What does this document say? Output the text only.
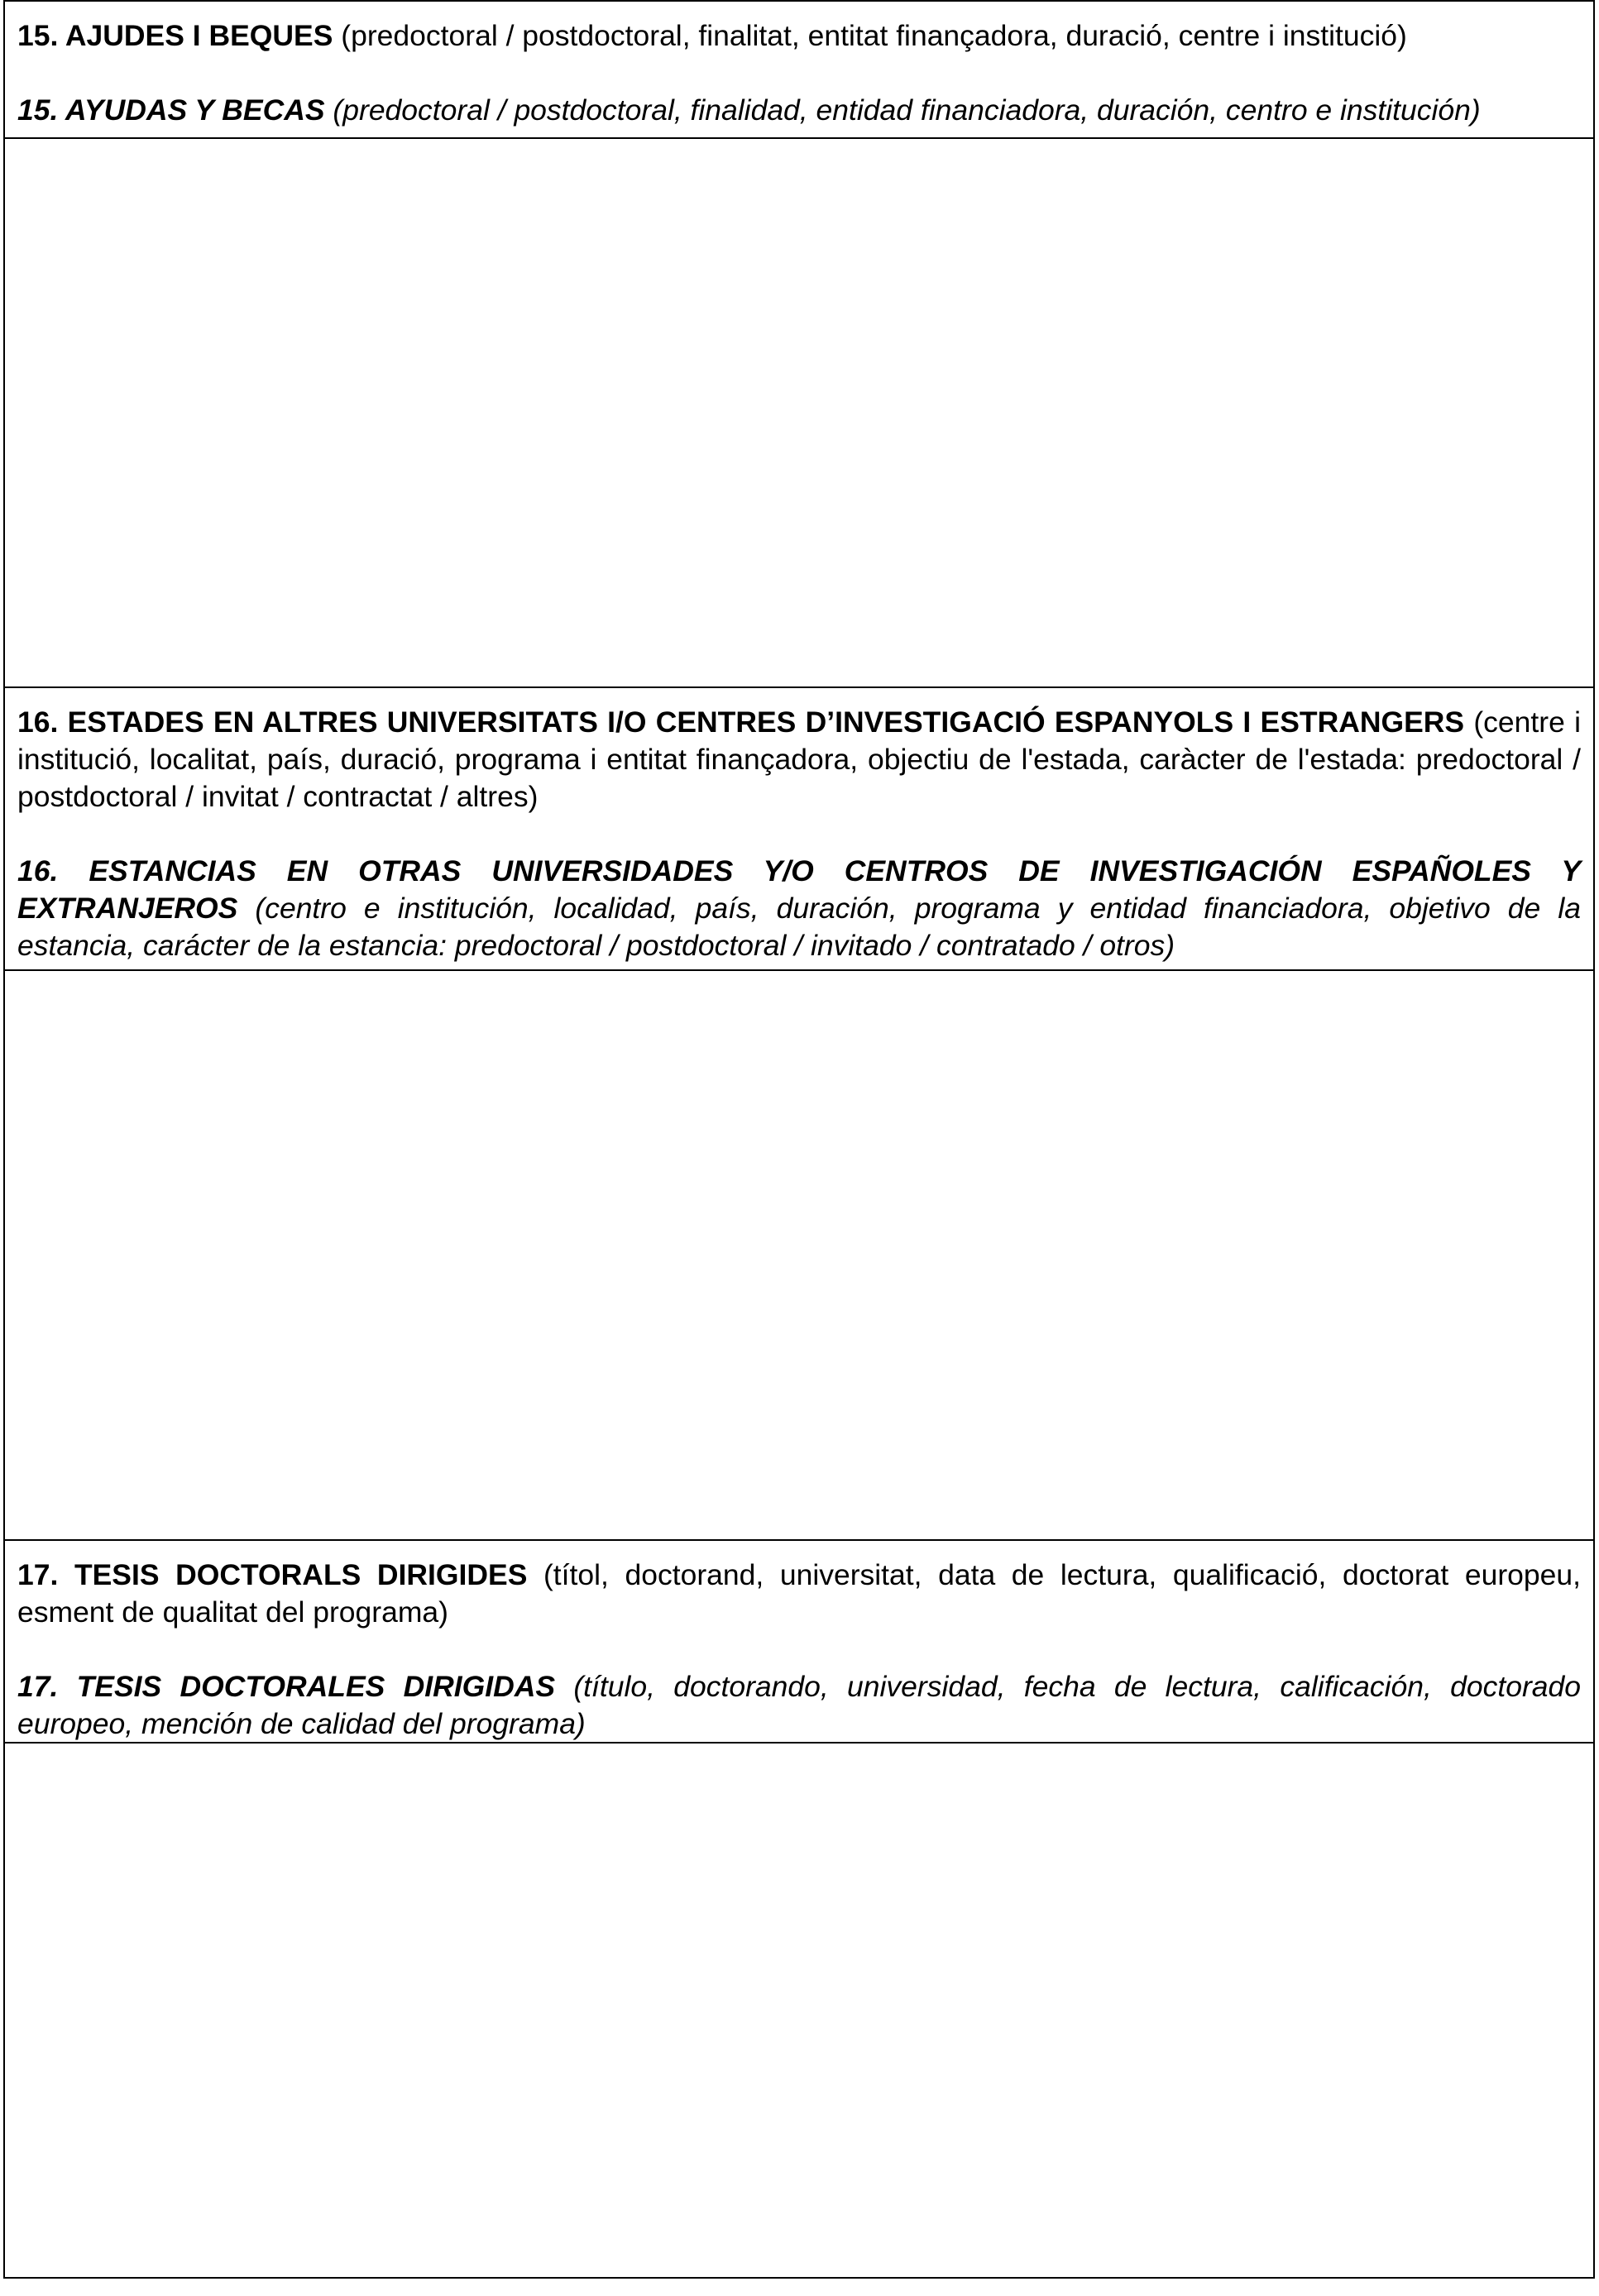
15. AJUDES I BEQUES (predoctoral / postdoctoral, finalitat, entitat finançadora, duració, centre i institució)

15. AYUDAS Y BECAS (predoctoral / postdoctoral, finalidad, entidad financiadora, duración, centro e institución)

16. ESTADES EN ALTRES UNIVERSITATS I/O CENTRES D’INVESTIGACIÓ ESPANYOLS I ESTRANGERS (centre i institució, localitat, país, duració, programa i entitat finançadora, objectiu de l'estada, caràcter de l'estada: predoctoral / postdoctoral / invitat / contractat / altres)

16. ESTANCIAS EN OTRAS UNIVERSIDADES Y/O CENTROS DE INVESTIGACIÓN ESPAÑOLES Y EXTRANJEROS (centro e institución, localidad, país, duración, programa y entidad financiadora, objetivo de la estancia, carácter de la estancia: predoctoral / postdoctoral / invitado / contratado / otros)

17. TESIS DOCTORALS DIRIGIDES (títol, doctorand, universitat, data de lectura, qualificació, doctorat europeu, esment de qualitat del programa)

17. TESIS DOCTORALES DIRIGIDAS (título, doctorando, universidad, fecha de lectura, calificación, doctorado europeo, mención de calidad del programa)
